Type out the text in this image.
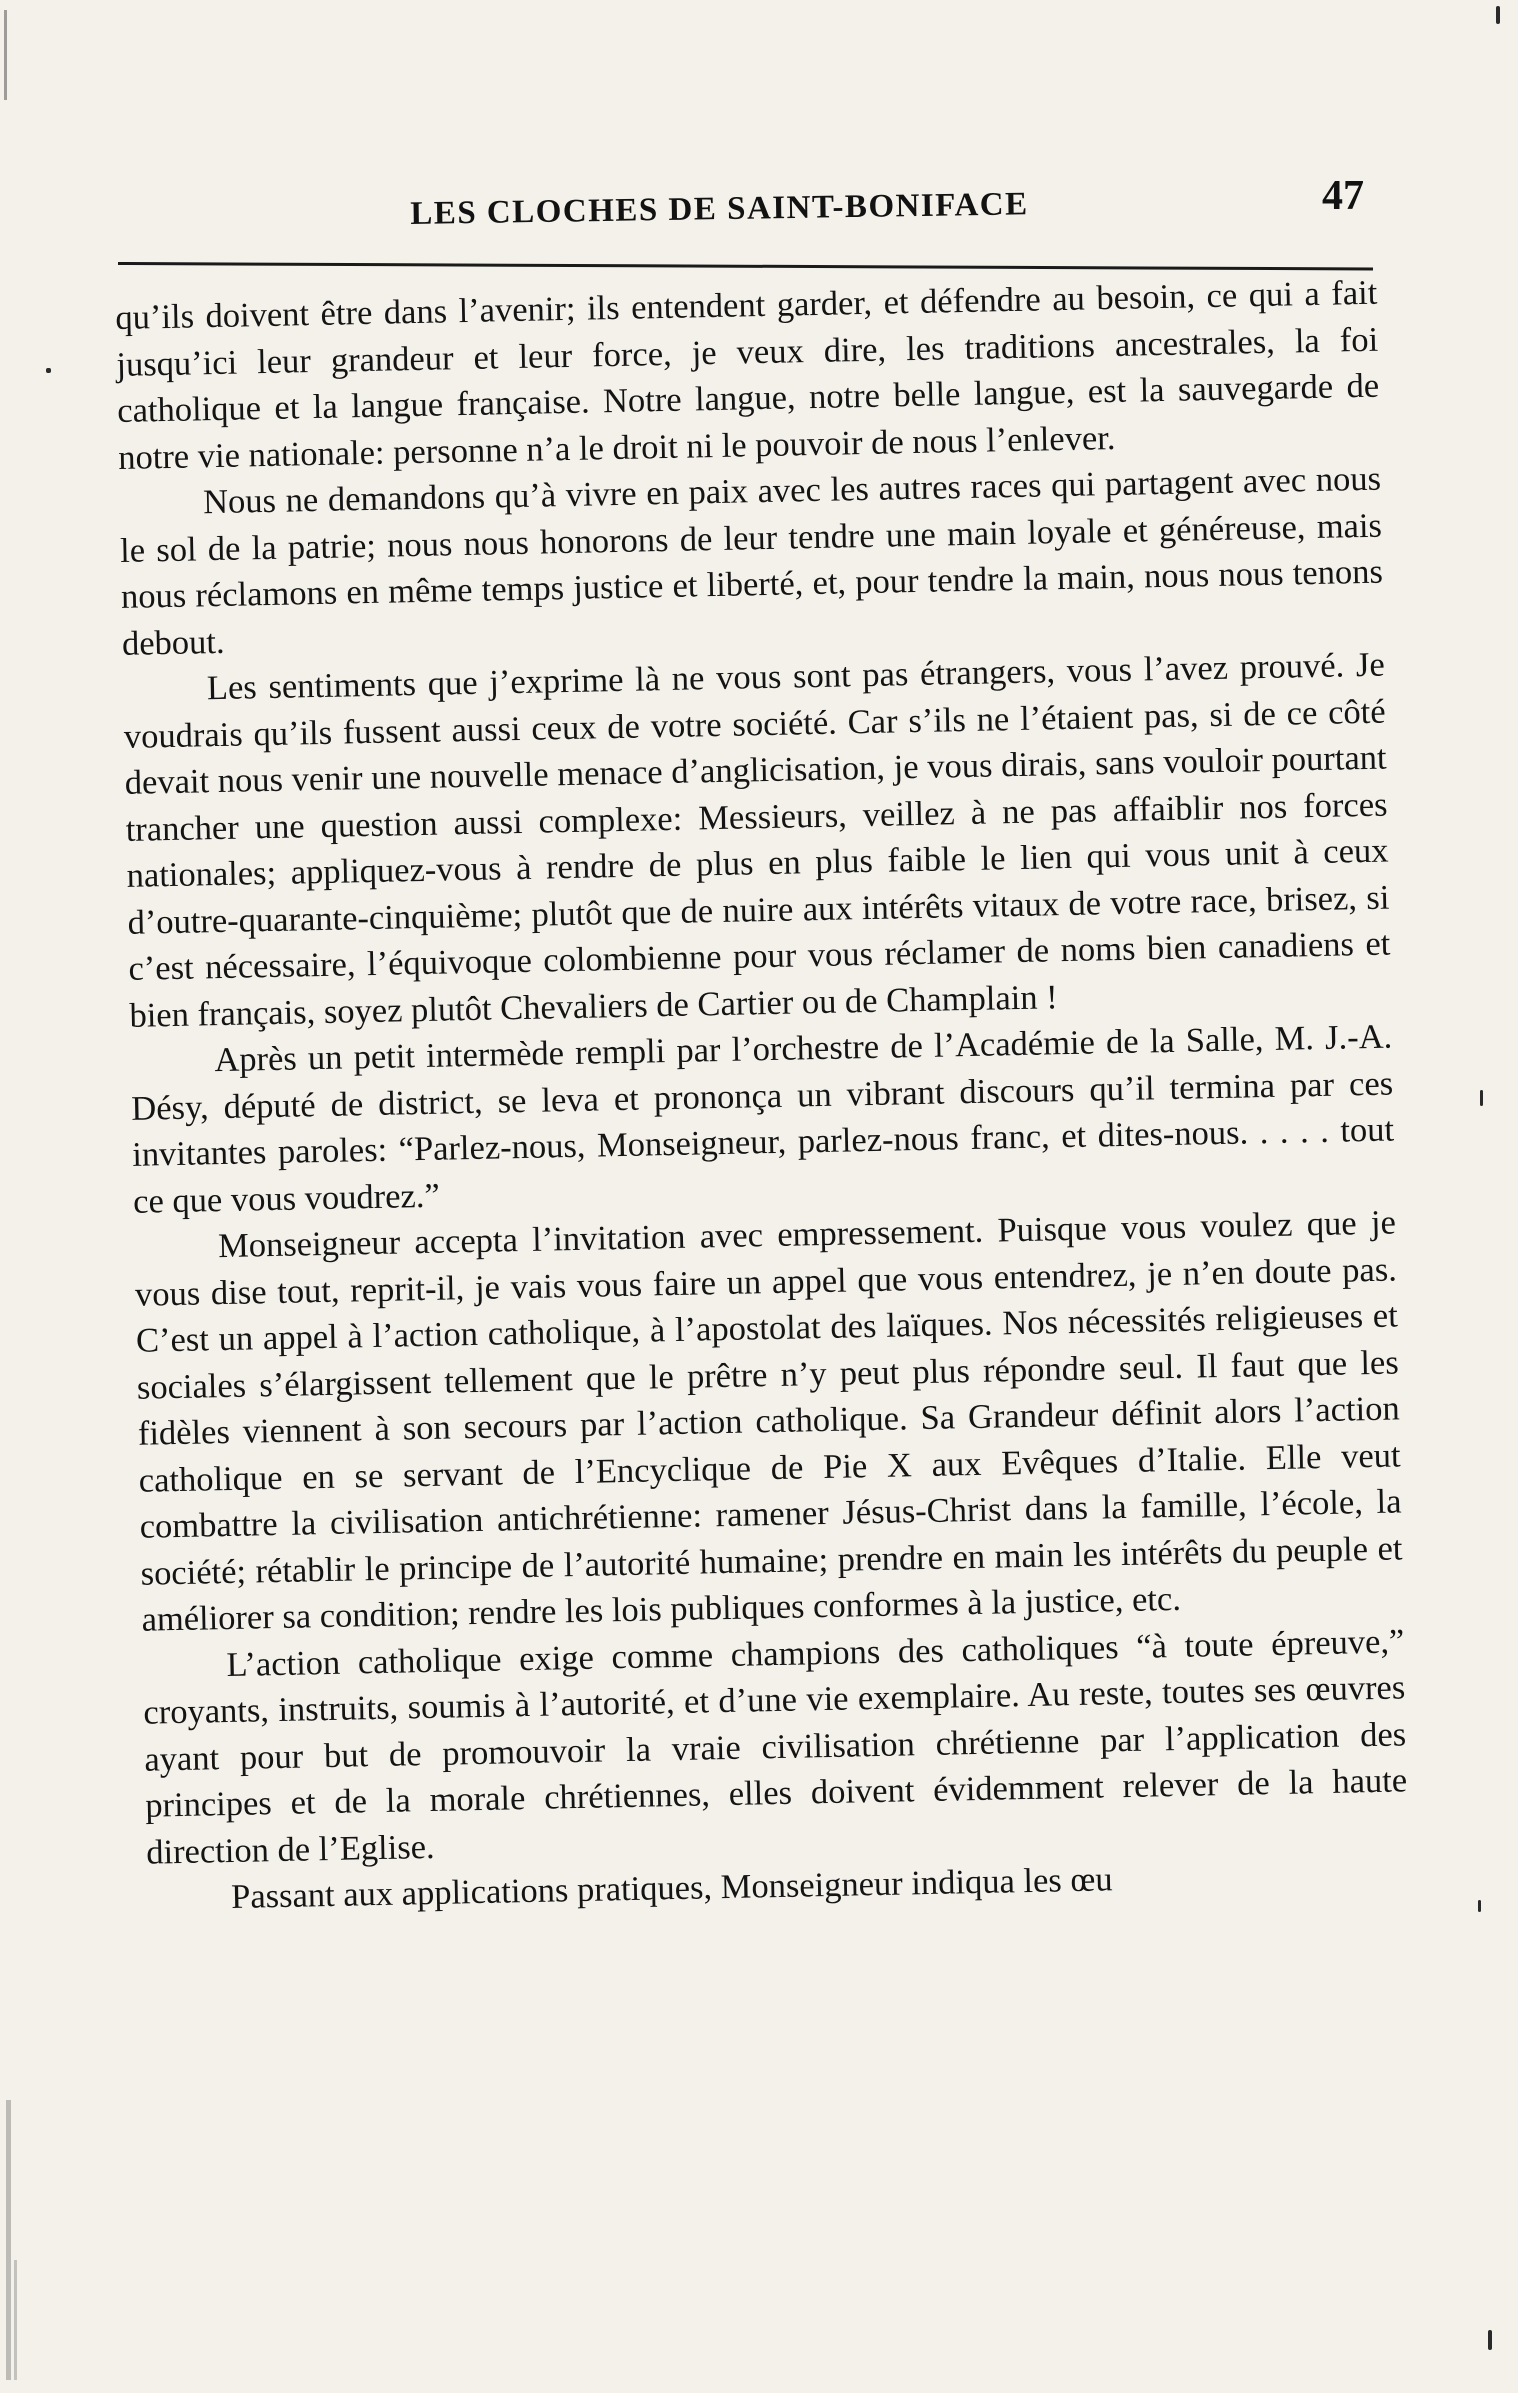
LES CLOCHES DE SAINT-BONIFACE	47

qu’ils doivent être dans l’avenir; ils entendent garder, et défendre au besoin, ce qui a fait jusqu’ici leur grandeur et leur force, je veux dire, les traditions ancestrales, la foi catholique et la langue française. Notre langue, notre belle langue, est la sauvegarde de notre vie nationale: personne n’a le droit ni le pouvoir de nous l’enlever.

Nous ne demandons qu’à vivre en paix avec les autres races qui partagent avec nous le sol de la patrie; nous nous honorons de leur tendre une main loyale et généreuse, mais nous réclamons en même temps justice et liberté, et, pour tendre la main, nous nous tenons debout.

Les sentiments que j’exprime là ne vous sont pas étrangers, vous l’avez prouvé. Je voudrais qu’ils fussent aussi ceux de votre société. Car s’ils ne l’étaient pas, si de ce côté devait nous venir une nouvelle menace d’anglicisation, je vous dirais, sans vouloir pourtant trancher une question aussi complexe: Messieurs, veillez à ne pas affaiblir nos forces nationales; appliquez-vous à rendre de plus en plus faible le lien qui vous unit à ceux d’outre-quarante-cinquième; plutôt que de nuire aux intérêts vitaux de votre race, brisez, si c’est nécessaire, l’équivoque colombienne pour vous réclamer de noms bien canadiens et bien français, soyez plutôt Chevaliers de Cartier ou de Champlain !

Après un petit intermède rempli par l’orchestre de l’Académie de la Salle, M. J.-A. Désy, député de district, se leva et prononça un vibrant discours qu’il termina par ces invitantes paroles: “Parlez-nous, Monseigneur, parlez-nous franc, et dites-nous. . . . . tout ce que vous voudrez.”

Monseigneur accepta l’invitation avec empressement. Puisque vous voulez que je vous dise tout, reprit-il, je vais vous faire un appel que vous entendrez, je n’en doute pas. C’est un appel à l’action catholique, à l’apostolat des laïques. Nos nécessités religieuses et sociales s’élargissent tellement que le prêtre n’y peut plus répondre seul. Il faut que les fidèles viennent à son secours par l’action catholique. Sa Grandeur définit alors l’action catholique en se servant de l’Encyclique de Pie X aux Evêques d’Italie. Elle veut combattre la civilisation antichrétienne: ramener Jésus-Christ dans la famille, l’école, la société; rétablir le principe de l’autorité humaine; prendre en main les intérêts du peuple et améliorer sa condition; rendre les lois publiques conformes à la justice, etc.

L’action catholique exige comme champions des catholiques “à toute épreuve,” croyants, instruits, soumis à l’autorité, et d’une vie exemplaire. Au reste, toutes ses œuvres ayant pour but de promouvoir la vraie civilisation chrétienne par l’application des principes et de la morale chrétiennes, elles doivent évidemment relever de la haute direction de l’Eglise.

Passant aux applications pratiques, Monseigneur indiqua les œu
